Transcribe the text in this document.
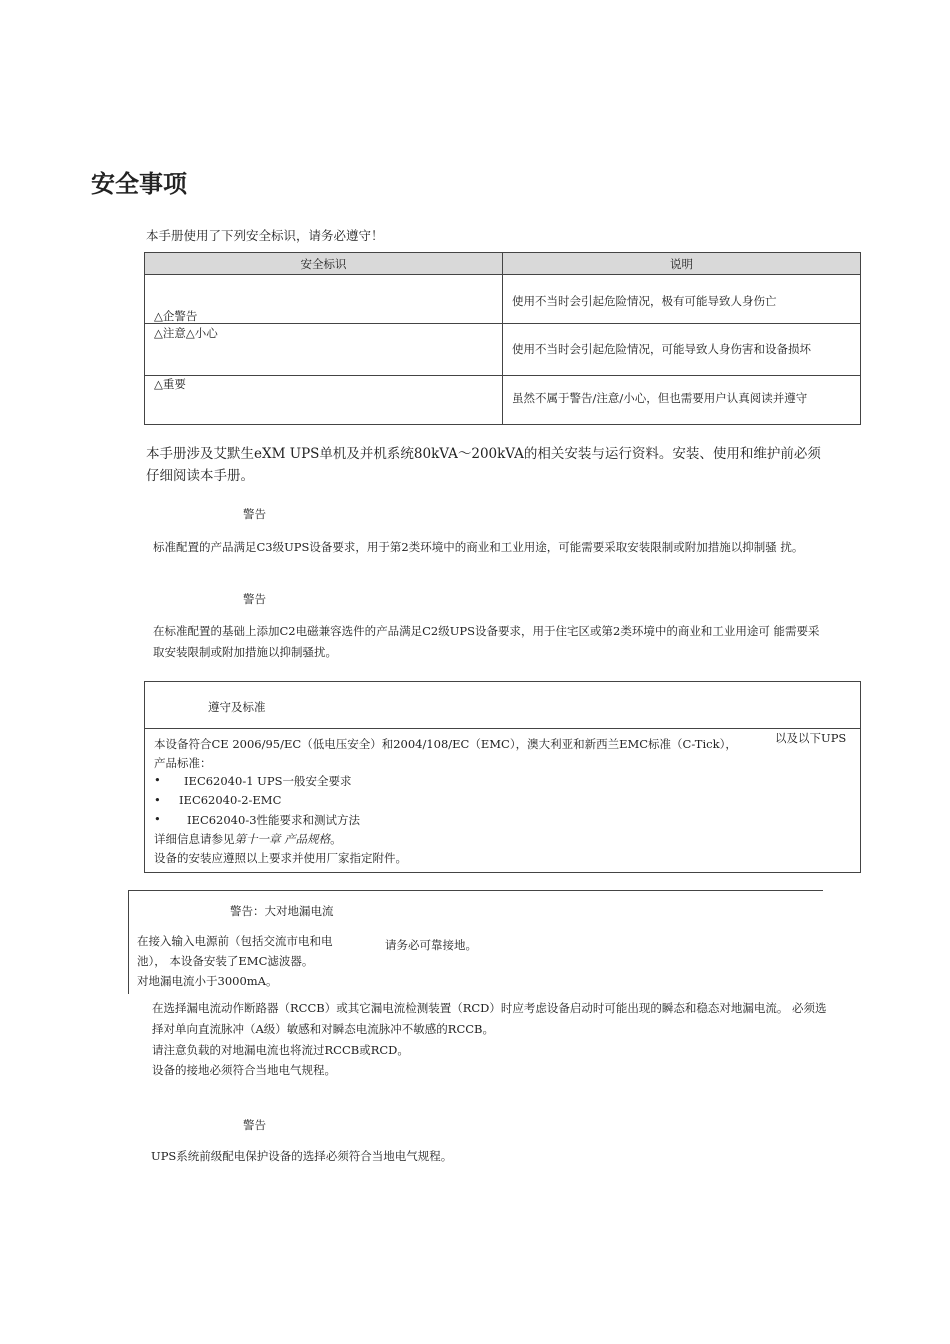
安全事项
本手册使用了下列安全标识，请务必遵守！
安全标识	说明

△企警告	使用不当时会引起危险情况，极有可能导致人身伤亡

△注意△小心	使用不当时会引起危险情况，可能导致人身伤害和设备损坏

△重要	虽然不属于警告/注意/小心，但也需要用户认真阅读并遵守
本手册涉及艾默生eXM UPS单机及并机系统80kVA～200kVA的相关安装与运行资料。安装、使用和维护前必须
仔细阅读本手册。
警告
标准配置的产品满足C3级UPS设备要求，用于第2类环境中的商业和工业用途，可能需要采取安装限制或附加措施以抑制骚 扰。
警告
在标准配置的基础上添加C2电磁兼容选件的产品满足C2级UPS设备要求，用于住宅区或第2类环境中的商业和工业用途可 能需要采
取安装限制或附加措施以抑制骚扰。
遵守及标准
本设备符合CE 2006/95/EC（低电压安全）和2004/108/EC（EMC），澳大利亚和新西兰EMC标准（C-Tick），	以及以下UPS
产品标准：
• IEC62040-1 UPS一般安全要求
• IEC62040-2-EMC
• IEC62040-3性能要求和测试方法
详细信息请参见第十一章 产品规格。
设备的安装应遵照以上要求并使用厂家指定附件。
警告：大对地漏电流
在接入输入电源前（包括交流市电和电	请务必可靠接地。
池）， 本设备安装了EMC滤波器。
对地漏电流小于3000mA。
在选择漏电流动作断路器（RCCB）或其它漏电流检测装置（RCD）时应考虑设备启动时可能出现的瞬态和稳态对地漏电流。 必须选
择对单向直流脉冲（A级）敏感和对瞬态电流脉冲不敏感的RCCB。
请注意负载的对地漏电流也将流过RCCB或RCD。
设备的接地必须符合当地电气规程。
警告
UPS系统前级配电保护设备的选择必须符合当地电气规程。
